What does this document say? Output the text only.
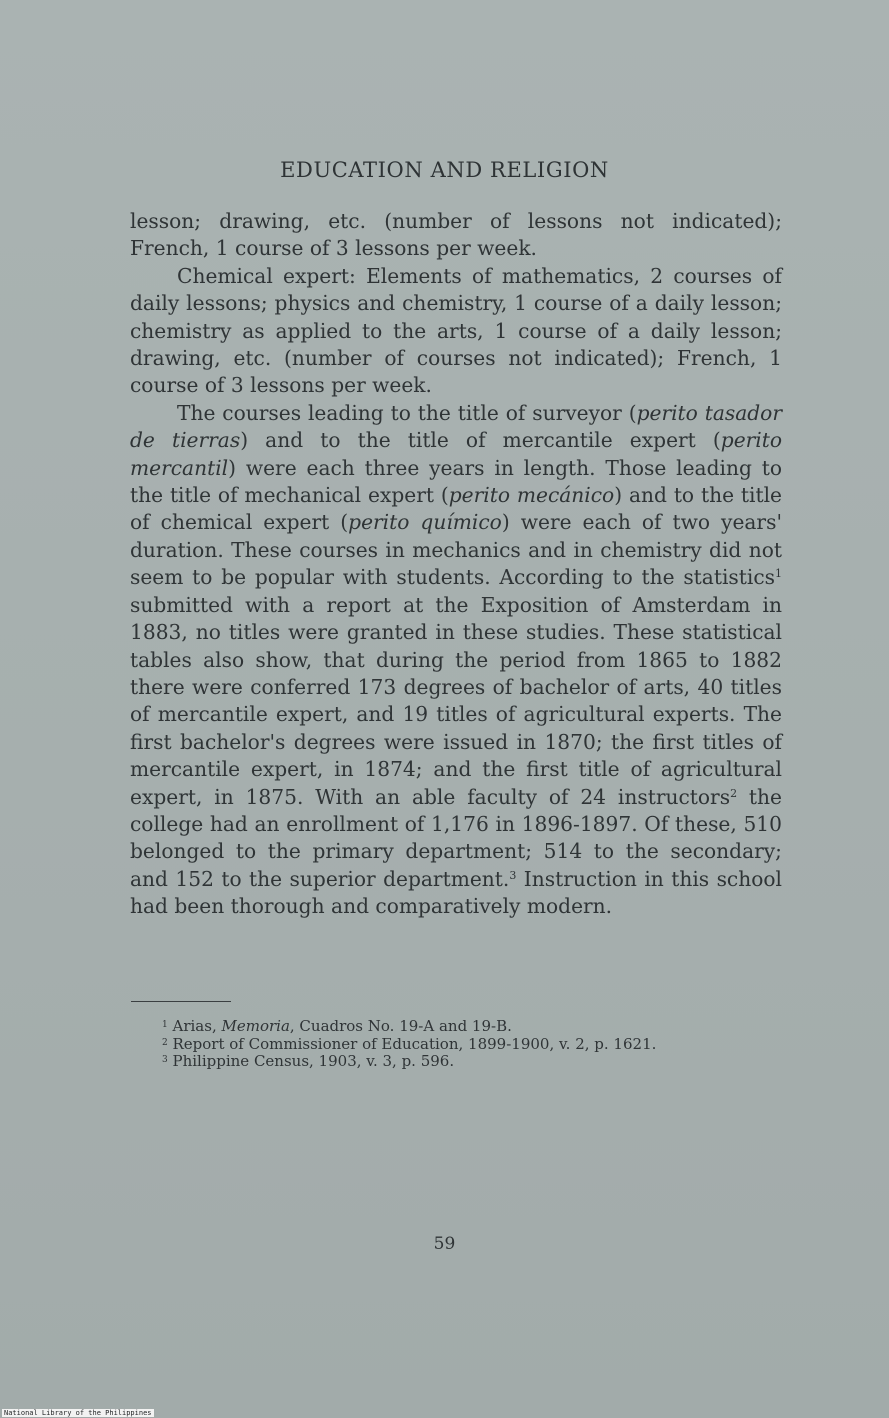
EDUCATION AND RELIGION

lesson; drawing, etc. (number of lessons not indicated); French, 1 course of 3 lessons per week.

Chemical expert: Elements of mathematics, 2 courses of daily lessons; physics and chemistry, 1 course of a daily lesson; chemistry as applied to the arts, 1 course of a daily lesson; drawing, etc. (number of courses not indicated); French, 1 course of 3 lessons per week.

The courses leading to the title of surveyor (perito tasador de tierras) and to the title of mercantile expert (perito mercantil) were each three years in length. Those leading to the title of mechanical expert (perito mecánico) and to the title of chemical expert (perito químico) were each of two years' duration. These courses in mechanics and in chemistry did not seem to be popular with students. According to the statistics$^1$ submitted with a report at the Exposition of Amsterdam in 1883, no titles were granted in these studies. These statistical tables also show, that during the period from 1865 to 1882 there were conferred 173 degrees of bachelor of arts, 40 titles of mercantile expert, and 19 titles of agricultural experts. The first bachelor's degrees were issued in 1870; the first titles of mercantile expert, in 1874; and the first title of agricultural expert, in 1875. With an able faculty of 24 instructors$^2$ the college had an enrollment of 1,176 in 1896-1897. Of these, 510 belonged to the primary department; 514 to the secondary; and 152 to the superior department.$^3$ Instruction in this school had been thorough and comparatively modern.

$^1$ Arias, Memoria, Cuadros No. 19-A and 19-B.
$^2$ Report of Commissioner of Education, 1899-1900, v. 2, p. 1621.
$^3$ Philippine Census, 1903, v. 3, p. 596.
59
National Library of the Philippines
